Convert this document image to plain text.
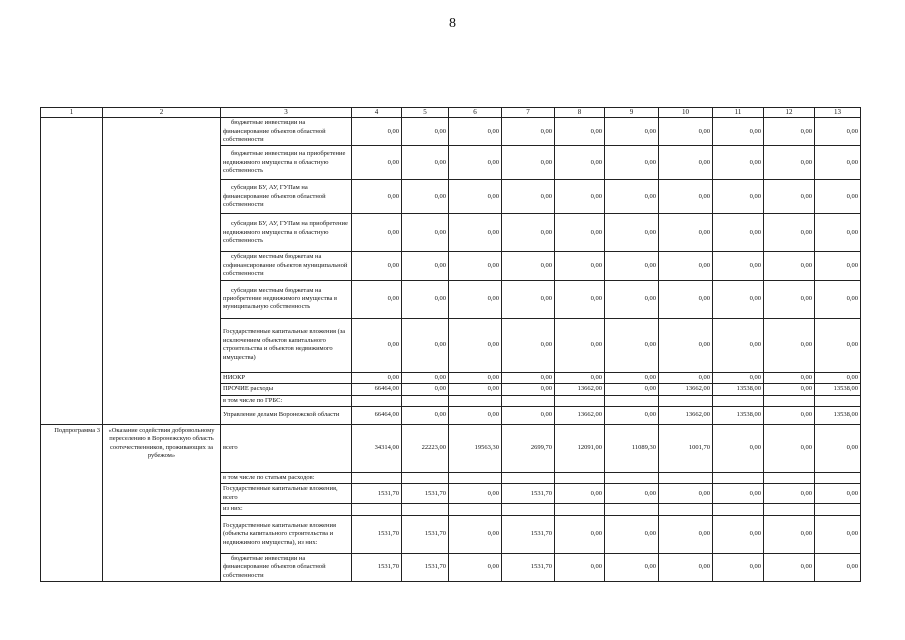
8
1	2	3	4	5	6	7	8	9	10	11	12	13
		бюджетные инвестиции на финансирование объектов областной собственности	0,00	0,00	0,00	0,00	0,00	0,00	0,00	0,00	0,00	0,00
		бюджетные инвестиции на приобретение недвижимого имущества в областную собственность	0,00	0,00	0,00	0,00	0,00	0,00	0,00	0,00	0,00	0,00
		субсидии БУ, АУ, ГУПам на финансирование объектов областной собственности	0,00	0,00	0,00	0,00	0,00	0,00	0,00	0,00	0,00	0,00
		субсидии БУ, АУ, ГУПам на приобретение недвижимого имущества в областную собственность	0,00	0,00	0,00	0,00	0,00	0,00	0,00	0,00	0,00	0,00
		субсидии местным бюджетам на софинансирование объектов муниципальной собственности	0,00	0,00	0,00	0,00	0,00	0,00	0,00	0,00	0,00	0,00
		субсидии местным бюджетам на приобретение недвижимого имущества в муниципальную собственность	0,00	0,00	0,00	0,00	0,00	0,00	0,00	0,00	0,00	0,00
		Государственные капитальные вложения (за исключением объектов капитального строительства и объектов недвижимого имущества)	0,00	0,00	0,00	0,00	0,00	0,00	0,00	0,00	0,00	0,00
		НИОКР	0,00	0,00	0,00	0,00	0,00	0,00	0,00	0,00	0,00	0,00
		ПРОЧИЕ расходы	66464,00	0,00	0,00	0,00	13662,00	0,00	13662,00	13538,00	0,00	13538,00
		в том числе по ГРБС:										
		Управление делами Воронежской области	66464,00	0,00	0,00	0,00	13662,00	0,00	13662,00	13538,00	0,00	13538,00
Подпрограмма 3	«Оказание содействия добровольному переселению в Воронежскую область соотечественников, проживающих за рубежом»	всего	34314,00	22223,00	19563,30	2699,70	12091,00	11089,30	1001,70	0,00	0,00	0,00
		в том числе по статьям расходов:										
		Государственные капитальные вложения, всего	1531,70	1531,70	0,00	1531,70	0,00	0,00	0,00	0,00	0,00	0,00
		из них:										
		Государственные капитальные вложения (объекты капитального строительства и недвижимого имущества), из них:	1531,70	1531,70	0,00	1531,70	0,00	0,00	0,00	0,00	0,00	0,00
		бюджетные инвестиции на финансирование объектов областной собственности	1531,70	1531,70	0,00	1531,70	0,00	0,00	0,00	0,00	0,00	0,00
